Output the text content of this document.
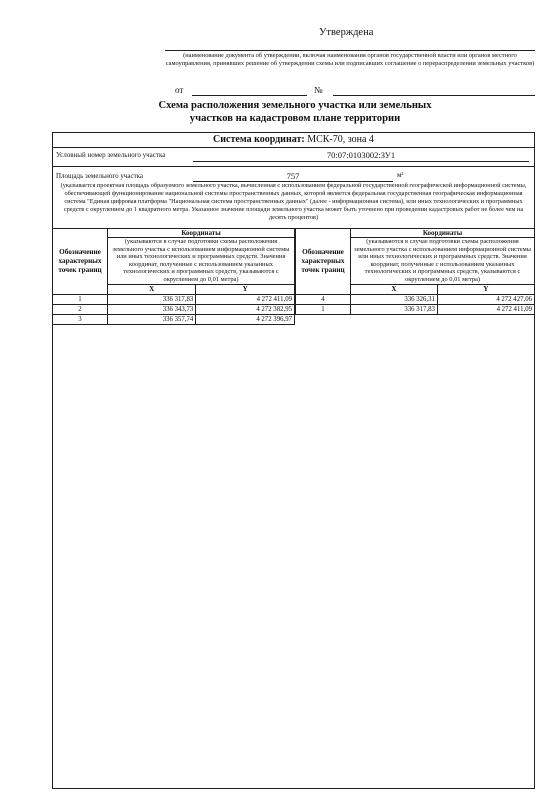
Утверждена
(наименование документа об утверждении, включая наименования органов государственной власти или органов местного самоуправления, принявших решение об утверждении схемы или подписавших соглашение о перераспределении земельных участков)
от	№
Схема расположения земельного участка или земельных
участков на кадастровом плане территории
Система координат: МСК-70, зона 4
Условный номер земельного участка	70:07:0103002:ЗУ1
Площадь земельного участка	757	м²
(указывается проектная площадь образуемого земельного участка, вычисленная с использованием федеральной государственной географической информационной системы, обеспечивающей функционирование национальной системы пространственных данных, которой является федеральная государственная географическая информационная система "Единая цифровая платформа "Национальная система пространственных данных" (далее - информационная система), или иных технологических и программных средств с округлением до 1 квадратного метра. Указанное значение площади земельного участка может быть уточнено при проведении кадастровых работ не более чем на десять процентов)
Обозначение характерных точек границ	Координаты	
	(указываются в случае подготовки схемы расположения земельного участка с использованием информационной системы или иных технологических и программных средств. Значения координат, полученные с использованием указанных технологических и программных средств, указываются с округлением до 0,01 метра)	
	X	Y
1	336 317,83	4 272 411,09
2	336 343,73	4 272 382,95
3	336 357,74	4 272 396,97
Обозначение характерных точек границ	Координаты	
	(указываются в случае подготовки схемы расположения земельного участка с использованием информационной системы или иных технологических и программных средств. Значения координат, полученные с использованием указанных технологических и программных средств, указываются с округлением до 0,01 метра)	
	X	Y
4	336 326,31	4 272 427,06
1	336 317,83	4 272 411,09
